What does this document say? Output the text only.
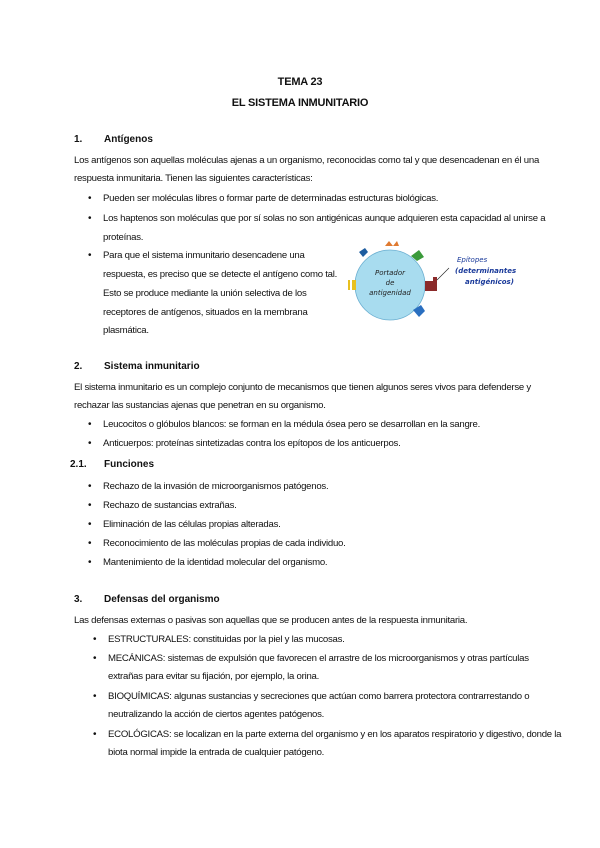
TEMA 23
EL SISTEMA INMUNITARIO
1. Antígenos
Los antígenos son aquellas moléculas ajenas a un organismo, reconocidas como tal y que desencadenan en él una
respuesta inmunitaria. Tienen las siguientes características:
• Pueden ser moléculas libres o formar parte de determinadas estructuras biológicas.
• Los haptenos son moléculas que por sí solas no son antigénicas aunque adquieren esta capacidad al unirse a
proteínas.
• Para que el sistema inmunitario desencadene una
respuesta, es preciso que se detecte el antígeno como tal.
Esto se produce mediante la unión selectiva de los
receptores de antígenos, situados en la membrana
plasmática.
Portador
de
antigenidad
Epítopes
(determinantes
antigénicos)
2. Sistema inmunitario
El sistema inmunitario es un complejo conjunto de mecanismos que tienen algunos seres vivos para defenderse y
rechazar las sustancias ajenas que penetran en su organismo.
• Leucocitos o glóbulos blancos: se forman en la médula ósea pero se desarrollan en la sangre.
• Anticuerpos: proteínas sintetizadas contra los epítopos de los anticuerpos.
2.1. Funciones
• Rechazo de la invasión de microorganismos patógenos.
• Rechazo de sustancias extrañas.
• Eliminación de las células propias alteradas.
• Reconocimiento de las moléculas propias de cada individuo.
• Mantenimiento de la identidad molecular del organismo.
3. Defensas del organismo
Las defensas externas o pasivas son aquellas que se producen antes de la respuesta inmunitaria.
• ESTRUCTURALES: constituidas por la piel y las mucosas.
• MECÁNICAS: sistemas de expulsión que favorecen el arrastre de los microorganismos y otras partículas
extrañas para evitar su fijación, por ejemplo, la orina.
• BIOQUÍMICAS: algunas sustancias y secreciones que actúan como barrera protectora contrarrestando o
neutralizando la acción de ciertos agentes patógenos.
• ECOLÓGICAS: se localizan en la parte externa del organismo y en los aparatos respiratorio y digestivo, donde la
biota normal impide la entrada de cualquier patógeno.
